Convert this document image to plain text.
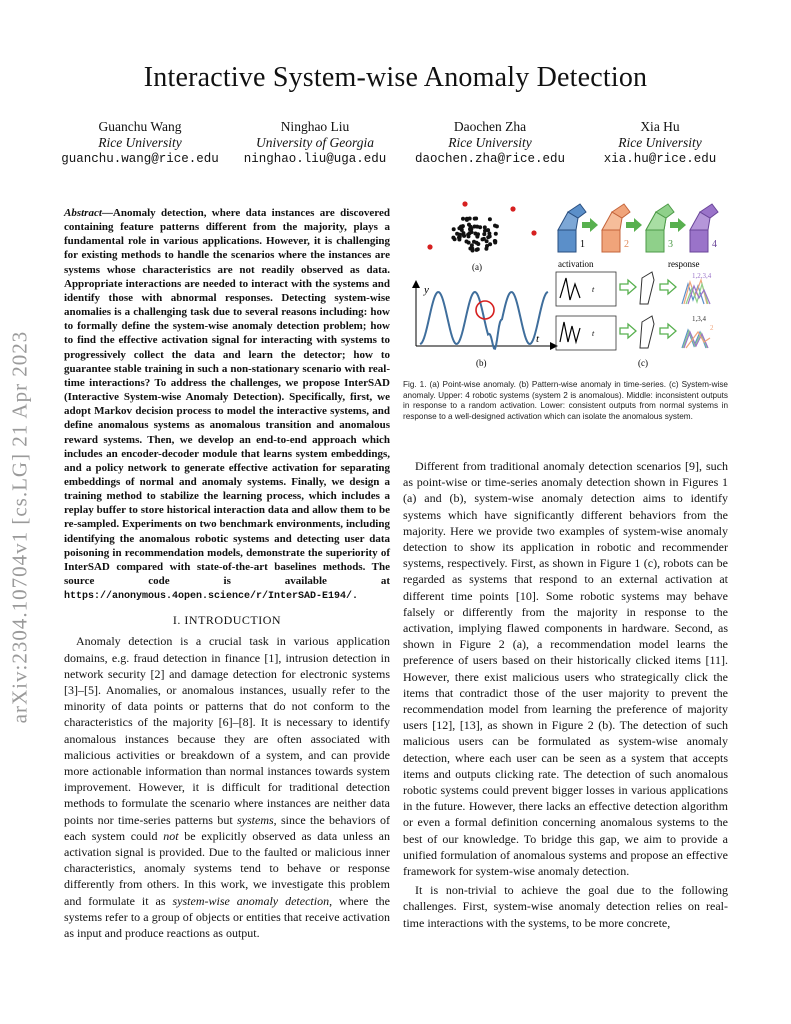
Interactive System-wise Anomaly Detection
Guanchu Wang
Rice University
guanchu.wang@rice.edu
Ninghao Liu
University of Georgia
ninghao.liu@uga.edu
Daochen Zha
Rice University
daochen.zha@rice.edu
Xia Hu
Rice University
xia.hu@rice.edu
arXiv:2304.10704v1 [cs.LG] 21 Apr 2023
Abstract—Anomaly detection, where data instances are discovered containing feature patterns different from the majority, plays a fundamental role in various applications. However, it is challenging for existing methods to handle the scenarios where the instances are systems whose characteristics are not readily observed as data. Appropriate interactions are needed to interact with the systems and identify those with abnormal responses. Detecting system-wise anomalies is a challenging task due to several reasons including: how to formally define the system-wise anomaly detection problem; how to find the effective activation signal for interacting with systems to progressively collect the data and learn the detector; how to guarantee stable training in such a non-stationary scenario with real-time interactions? To address the challenges, we propose InterSAD (Interactive System-wise Anomaly Detection). Specifically, first, we adopt Markov decision process to model the interactive systems, and define anomalous systems as anomalous transition and anomalous reward systems. Then, we develop an end-to-end approach which includes an encoder-decoder module that learns system embeddings, and a policy network to generate effective activation for separating embeddings of normal and anomaly systems. Finally, we design a training method to stabilize the learning process, which includes a replay buffer to store historical interaction data and allow them to be re-sampled. Experiments on two benchmark environments, including identifying the anomalous robotic systems and detecting user data poisoning in recommendation models, demonstrate the superiority of InterSAD compared with state-of-the-art baselines methods. The source code is available at https://anonymous.4open.science/r/InterSAD-E194/.
I. INTRODUCTION

Anomaly detection is a crucial task in various application domains, e.g. fraud detection in finance [1], intrusion detection in network security [2] and damage detection for electronic systems [3]–[5]. Anomalies, or anomalous instances, usually refer to the minority of data points or patterns that do not conform to the characteristics of the majority [6]–[8]. It is necessary to identify anomalous instances because they are often associated with malicious activities or breakdown of a system, and can provide more actionable information than normal instances towards system improvement. However, it is difficult for traditional detection methods to formulate the scenario where instances are neither data points nor time-series patterns but systems, since the behaviors of each system could not be explicitly observed as data unless an activation signal is provided. Due to the faulted or malicious inner characteristics, anomaly systems tend to behave or response differently from others. In this work, we investigate this problem and formulate it as system-wise anomaly detection, where the systems refer to a group of objects or entities that receive activation as input and produce reactions as output.

(a)
y
t
(b)
1	2	3	4
activation	response
t
1,2,3,4
t
1,3,4
2
(c)
Fig. 1. (a) Point-wise anomaly. (b) Pattern-wise anomaly in time-series. (c) System-wise anomaly. Upper: 4 robotic systems (system 2 is anomalous). Middle: inconsistent outputs in response to a random activation. Lower: consistent outputs from normal systems in response to a well-designed activation which can isolate the anomalous system.

Different from traditional anomaly detection scenarios [9], such as point-wise or time-series anomaly detection shown in Figures 1 (a) and (b), system-wise anomaly detection aims to identify systems which have significantly different behaviors from the majority. Here we provide two examples of system-wise anomaly detection to show its application in robotic and recommender systems, respectively. First, as shown in Figure 1 (c), robots can be regarded as systems that respond to an external activation at different time points [10]. Some robotic systems may behave falsely or differently from the majority in response to the activation, implying flawed components in hardware. Second, as shown in Figure 2 (a), a recommendation model learns the preference of users based on their historically clicked items [11]. However, there exist malicious users who strategically click the items that contradict those of the user majority to prevent the recommendation model from learning the preference of majority users [12], [13], as shown in Figure 2 (b). The detection of such malicious users can be formulated as system-wise anomaly detection, where each user can be seen as a system that accepts items and outputs clicking rate. The detection of such anomalous robotic systems could prevent bigger losses in various applications in the future. However, there lacks an effective detection algorithm or even a formal definition concerning anomalous systems to the best of our knowledge. To bridge this gap, we aim to provide a unified formulation of anomalous systems and propose an effective framework for system-wise anomaly detection.

It is non-trivial to achieve the goal due to the following challenges. First, system-wise anomaly detection relies on real-time interactions with the systems, to be more concrete,
